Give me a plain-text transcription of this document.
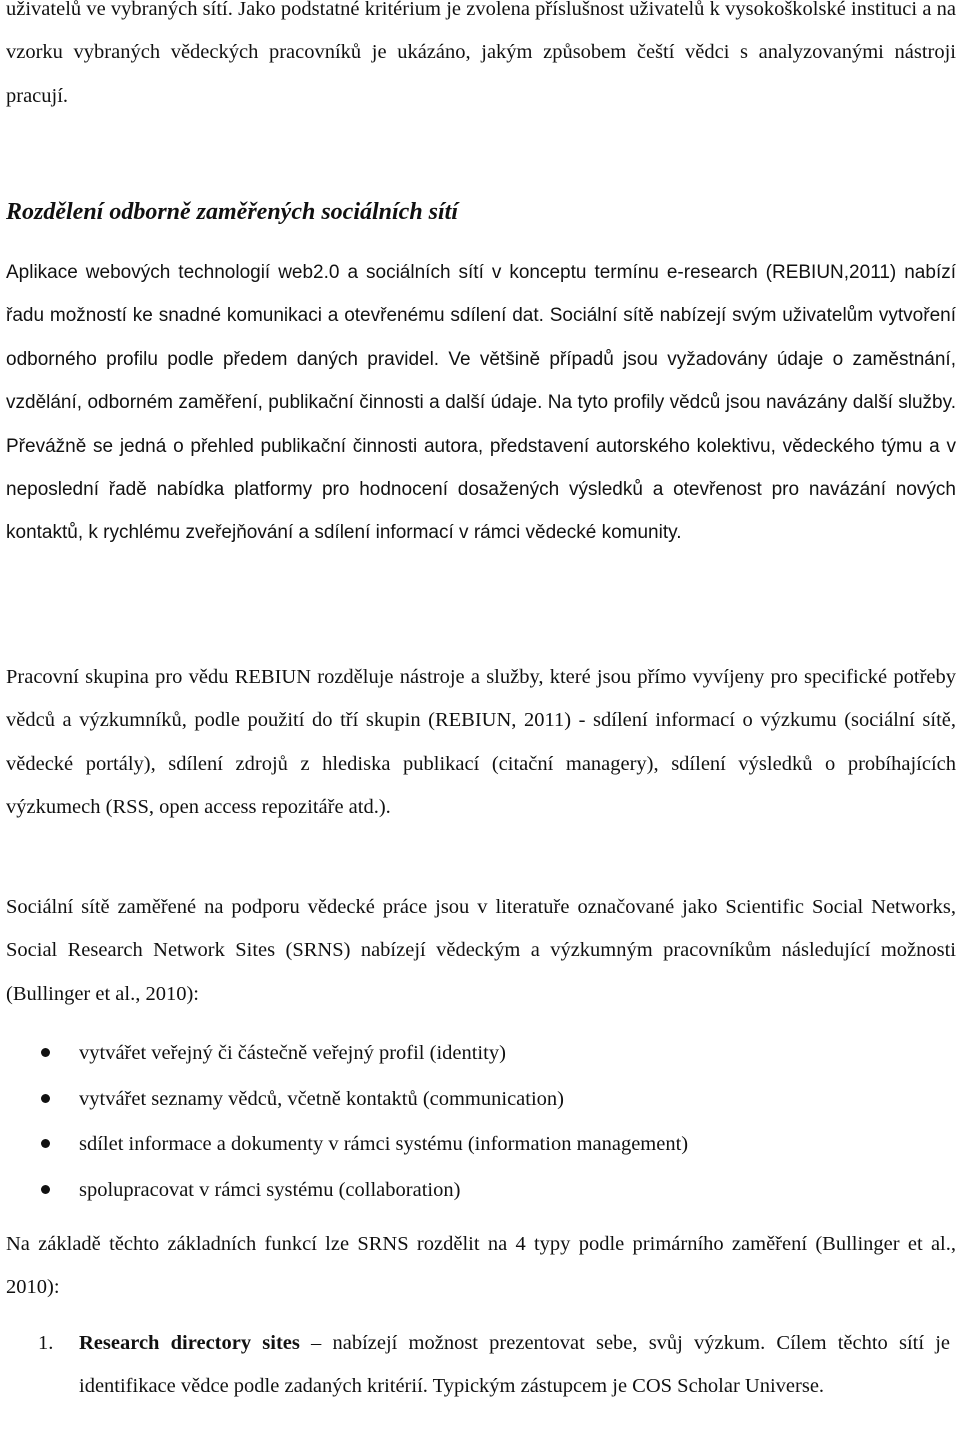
uživatelů ve vybraných sítí. Jako podstatné kritérium je zvolena příslušnost uživatelů k vysokoškolské instituci a na vzorku vybraných vědeckých pracovníků je ukázáno, jakým způsobem čeští vědci s analyzovanými nástroji pracují.

Rozdělení odborně zaměřených sociálních sítí

Aplikace webových technologií web2.0 a sociálních sítí v konceptu termínu e-research (REBIUN,2011) nabízí řadu možností ke snadné komunikaci a otevřenému sdílení dat. Sociální sítě nabízejí svým uživatelům vytvoření odborného profilu podle předem daných pravidel. Ve většině případů jsou vyžadovány údaje o zaměstnání, vzdělání, odborném zaměření, publikační činnosti a další údaje. Na tyto profily vědců jsou navázány další služby. Převážně se jedná o přehled publikační činnosti autora, představení autorského kolektivu, vědeckého týmu a v neposlední řadě nabídka platformy pro hodnocení dosažených výsledků a otevřenost pro navázání nových kontaktů, k rychlému zveřejňování a sdílení informací v rámci vědecké komunity.

Pracovní skupina pro vědu REBIUN rozděluje nástroje a služby, které jsou přímo vyvíjeny pro specifické potřeby vědců a výzkumníků, podle použití do tří skupin (REBIUN, 2011) - sdílení informací o výzkumu (sociální sítě, vědecké portály), sdílení zdrojů z hlediska publikací (citační managery), sdílení výsledků o probíhajících výzkumech (RSS, open access repozitáře atd.).

Sociální sítě zaměřené na podporu vědecké práce jsou v literatuře označované jako Scientific Social Networks, Social Research Network Sites (SRNS) nabízejí vědeckým a výzkumným pracovníkům následující možnosti (Bullinger et al., 2010):

vytvářet veřejný či částečně veřejný profil (identity)
vytvářet seznamy vědců, včetně kontaktů (communication)
sdílet informace a dokumenty v rámci systému (information management)
spolupracovat v rámci systému (collaboration)

Na základě těchto základních funkcí lze SRNS rozdělit na 4 typy podle primárního zaměření (Bullinger et al., 2010):

1. Research directory sites – nabízejí možnost prezentovat sebe, svůj výzkum. Cílem těchto sítí je identifikace vědce podle zadaných kritérií. Typickým zástupcem je COS Scholar Universe.
